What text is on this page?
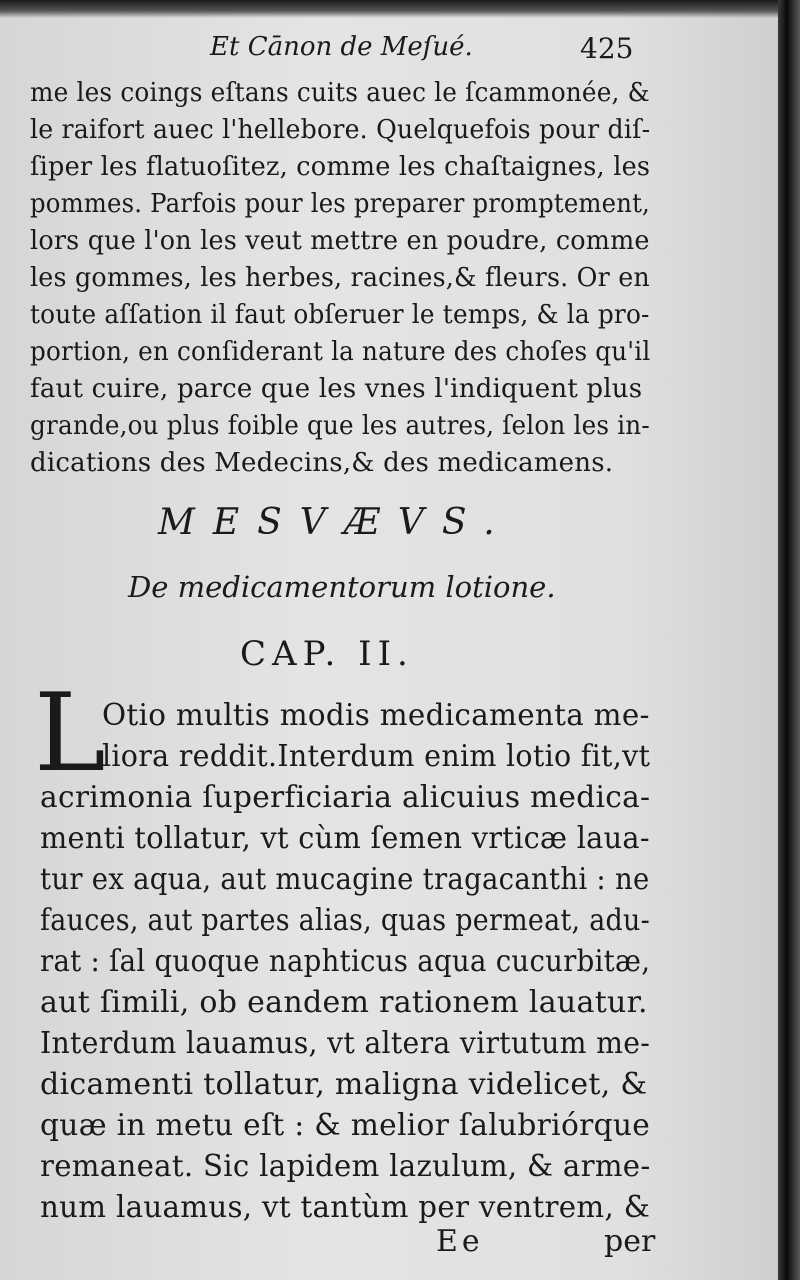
Et Cānon de Meſué.	425
me les coings eſtans cuits auec le ſcammonée, &
le raifort auec l'hellebore. Quelquefois pour diſ-
ſiper les flatuoſitez, comme les chaſtaignes, les
pommes. Parfois pour les preparer promptement,
lors que l'on les veut mettre en poudre, comme
les gommes, les herbes, racines,& fleurs. Or en
toute aſſation il faut obſeruer le temps, & la pro-
portion, en conſiderant la nature des choſes qu'il
faut cuire, parce que les vnes l'indiquent plus
grande,ou plus foible que les autres, ſelon les in-
dications des Medecins,& des medicamens.
MESVÆVS.
De medicamentorum lotione.
CAP. II.
L
Otio multis modis medicamenta me-
liora reddit.Interdum enim lotio fit,vt
acrimonia ſuperficiaria alicuius medica-
menti tollatur, vt cùm ſemen vrticæ laua-
tur ex aqua, aut mucagine tragacanthi : ne
fauces, aut partes alias, quas permeat, adu-
rat : ſal quoque naphticus aqua cucurbitæ,
aut ſimili, ob eandem rationem lauatur.
Interdum lauamus, vt altera virtutum me-
dicamenti tollatur, maligna videlicet, &
quæ in metu eſt : & melior ſalubriórque
remaneat. Sic lapidem lazulum, & arme-
num lauamus, vt tantùm per ventrem, &
Ee	per
